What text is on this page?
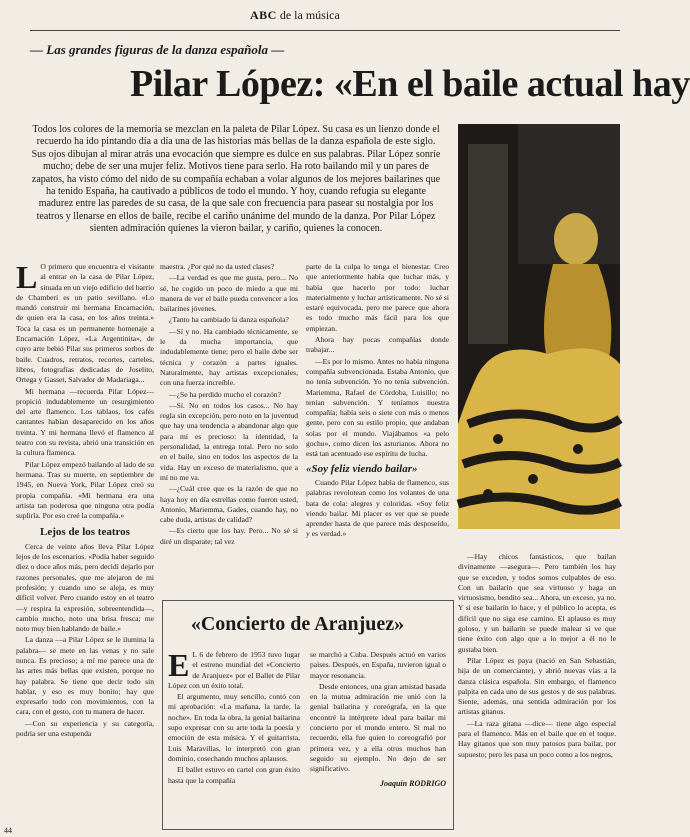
ABC de la música
— Las grandes figuras de la danza española —
Pilar López: «En el baile actual hay
Todos los colores de la memoria se mezclan en la paleta de Pilar López. Su casa es un lienzo donde el recuerdo ha ido pintando día a día una de las historias más bellas de la danza española de este siglo. Sus ojos dibujan al mirar atrás una evocación que siempre es dulce en sus palabras. Pilar López sonríe mucho; debe de ser una mujer feliz. Motivos tiene para serlo. Ha roto bailando mil y un pares de zapatos, ha visto cómo del nido de su compañía echaban a volar algunos de los mejores bailarines que ha tenido España, ha cautivado a públicos de todo el mundo. Y hoy, cuando refugia su elegante madurez entre las paredes de su casa, de la que sale con frecuencia para pasear su nostalgia por los teatros y llenarse en ellos de baile, recibe el cariño unánime del mundo de la danza. Por Pilar López sienten admiración quienes la vieron bailar, y cariño, quienes la conocen.

L O primero que encuentra el visitante al entrar en la casa de Pilar López, situada en un viejo edificio del barrio de Chamberí es un patio sevillano. «Lo mandó construir mi hermana Encarnación, de quien era la casa, en los años treinta.» Toca la casa es un permanente homenaje a Encarnación López, «La Argentinita», de cuyo arte bebió Pilar sus primeros sorbos de baile. Cuadros, retratos, recortes, carteles, libros, fotografías dedicadas de Joselito, Ortega y Gasset, Salvador de Madariaga...

Mi hermana —recuerda Pilar López— propició indudablemente un resurgimiento del arte flamenco. Los tablaos, los cafés cantantes habían desaparecido en los años treinta. Y mi hermana llevó el flamenco al teatro con su revista, abrió una transición en la cultura flamenca.

Pilar López empezó bailando al lado de su hermana. Tras su muerte, en septiembre de 1945, en Nueva York, Pilar López creó su propia compañía. «Mi hermana era una artista tan poderosa que ninguna otra podía suplirla. Por eso creé la compañía.»

Lejos de los teatros

Cerca de veinte años lleva Pilar López lejos de los escenarios. «Podía haber seguido diez o doce años más, pero decidí dejarlo por razones personales, que me alejaron de mi profesión; y cuando uno se aleja, es muy difícil volver. Pero cuando estoy en el teatro —y respira la expresión, sobreentendida—, cambio mucho, noto una brisa fresca; me noto muy bien hablando de baile.»

La danza —a Pilar López se le ilumina la palabra— se mete en las venas y no sale nunca. Es precioso; a mí me parece una de las artes más bellas que existen, porque no hay palabra. Se tiene que decir todo sin hablar, y eso es muy bonito; hay que expresarlo todo con movimientos, con la cara, con el gesto, con tu manera de hacer.

—Con su experiencia y su categoría, podría ser una estupenda

maestra. ¿Por qué no da usted clases?

—La verdad es que me gusta, pero... No sé, he cogido un poco de miedo a que mi manera de ver el baile pueda convencer a los bailarines jóvenes.

¿Tanto ha cambiado la danza española?

—Sí y no. Ha cambiado técnicamente, se le da mucha importancia, que indudablemente tiene; pero el baile debe ser técnica y corazón a partes iguales. Naturalmente, hay artistas excepcionales, con una fuerza increíble.

—¿Se ha perdido mucho el corazón?

—Sí. No en todos los casos... No hay regla sin excepción, pero noto en la juventud que hay una tendencia a abandonar algo que para mí es precioso: la identidad, la personalidad, la entrega total. Pero no solo en el baile, sino en todos los aspectos de la vida. Hay un exceso de materialismo, que a mí no me va.

—¿Cuál cree que es la razón de que no haya hoy en día estrellas como fueron usted, Antonio, Mariemma, Gades, cuando hay, no cabe duda, artistas de calidad?

—Es cierto que los hay. Pero... No sé si diré un disparate; tal vez

parte de la culpa lo tenga el bienestar. Creo que anteriormente había que luchar más, y había que hacerlo por todo: luchar materialmente y luchar artísticamente. No sé si estaré equivocada, pero me parece que ahora es todo mucho más fácil para los que empiezan.

Ahora hay pocas compañías donde trabajar...

—Es por lo mismo. Antes no había ninguna compañía subvencionada. Estaba Antonio, que no tenía subvención. Yo no tenía subvención. Mariemma, Rafael de Córdoba, Luisillo; no tenían subvención. Y teníamos nuestra compañía; había seis o siete con más o menos gente, pero con su estilo propio, que andaban solas por el mundo. Viajábamos «a pelo gochu», como dicen los asturianos. Ahora no está tan acentuado ese espíritu de lucha.

«Soy feliz viendo bailar»

Cuando Pilar López habla de flamenco, sus palabras revolotean como los volantes de una bata de cola: alegres y coloridas. «Soy feliz viendo bailar. Mi placer es ver que se puede aprender hasta de que parece más desposeído, y es verdad.»

«Concierto de Aranjuez»

E L 6 de febrero de 1953 tuvo lugar el estreno mundial del «Concierto de Aranjuez» por el Ballet de Pilar López con un éxito total.

El argumento, muy sencillo, contó con mi aprobación: «La mañana, la tarde, la noche». En toda la obra, la genial bailarina supo expresar con su arte toda la poesía y emoción de esta música. Y el guitarrista, Luis Maravillas, lo interpretó con gran dominio, cosechando muchos aplausos.

El ballet estuvo en cartel con gran éxito hasta que la compañía

se marchó a Cuba. Después actuó en varios países. Después, en España, tuvieron igual o mayor resonancia.

Desde entonces, una gran amistad basada en la mutua admiración me unió con la genial bailarina y coreógrafa, en la que encontré la intérprete ideal para bailar mi concierto por el mundo entero. Si mal no recuerdo, ella fue quien lo coreografió por primera vez, y a ella otros muchos han seguido su ejemplo. No dejo de ser significativo.

Joaquín RODRIGO

—Hay chicos fantásticos, que bailan divinamente —asegura—. Pero también los hay que se exceden, y todos somos culpables de eso. Con un bailarín que sea virtuoso y haga un virtuosismo, bendito sea... Ahora, un exceso, ya no. Y si ese bailarín lo hace, y el público lo acepta, es difícil que no siga ese camino. El aplauso es muy goloso, y un bailarín se puede malear si ve que tiene éxito con algo que a lo mejor a él no le gustaba bien.

Pilar López es paya (nació en San Sebastián, hija de un comerciante), y abrió nuevas vías a la danza clásica española. Sin embargo, el flamenco palpita en cada uno de sus gestos y de sus palabras. Siente, además, una sentida admiración por los artistas gitanos.

—La raza gitana —dice— tiene algo especial para el flamenco. Más en el baile que en el toque. Hay gitanos que son muy patosos para bailar, por supuesto; pero les pasa un poco como a los negros,

44
